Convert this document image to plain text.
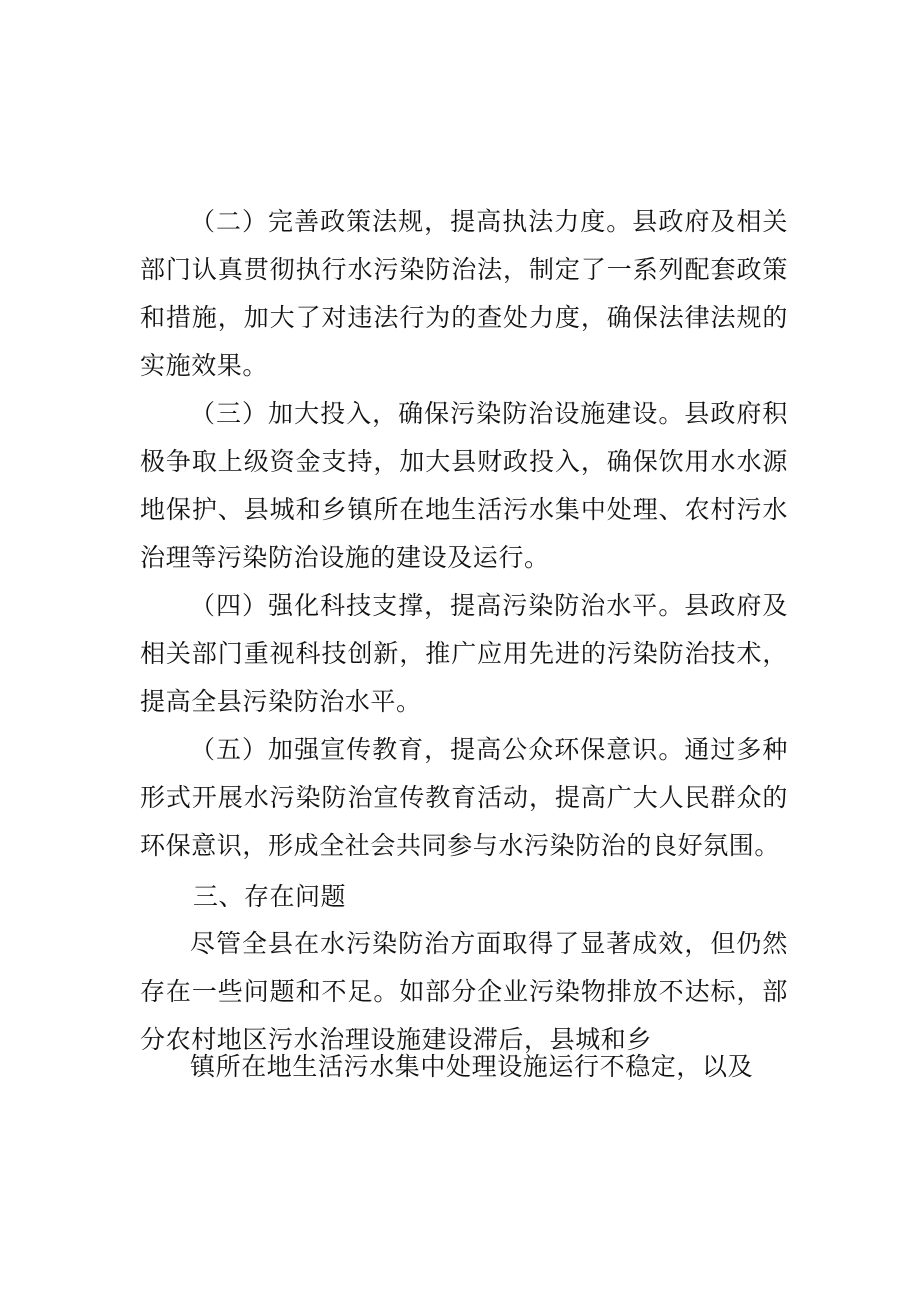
（二）完善政策法规，提高执法力度。县政府及相关部门认真贯彻执行水污染防治法，制定了一系列配套政策和措施，加大了对违法行为的查处力度，确保法律法规的实施效果。

（三）加大投入，确保污染防治设施建设。县政府积极争取上级资金支持，加大县财政投入，确保饮用水水源地保护、县城和乡镇所在地生活污水集中处理、农村污水治理等污染防治设施的建设及运行。

（四）强化科技支撑，提高污染防治水平。县政府及相关部门重视科技创新，推广应用先进的污染防治技术，提高全县污染防治水平。

（五）加强宣传教育，提高公众环保意识。通过多种形式开展水污染防治宣传教育活动，提高广大人民群众的环保意识，形成全社会共同参与水污染防治的良好氛围。

三、存在问题

尽管全县在水污染防治方面取得了显著成效，但仍然存在一些问题和不足。如部分企业污染物排放不达标，部分农村地区污水治理设施建设滞后，县城和乡

镇所在地生活污水集中处理设施运行不稳定，以及
